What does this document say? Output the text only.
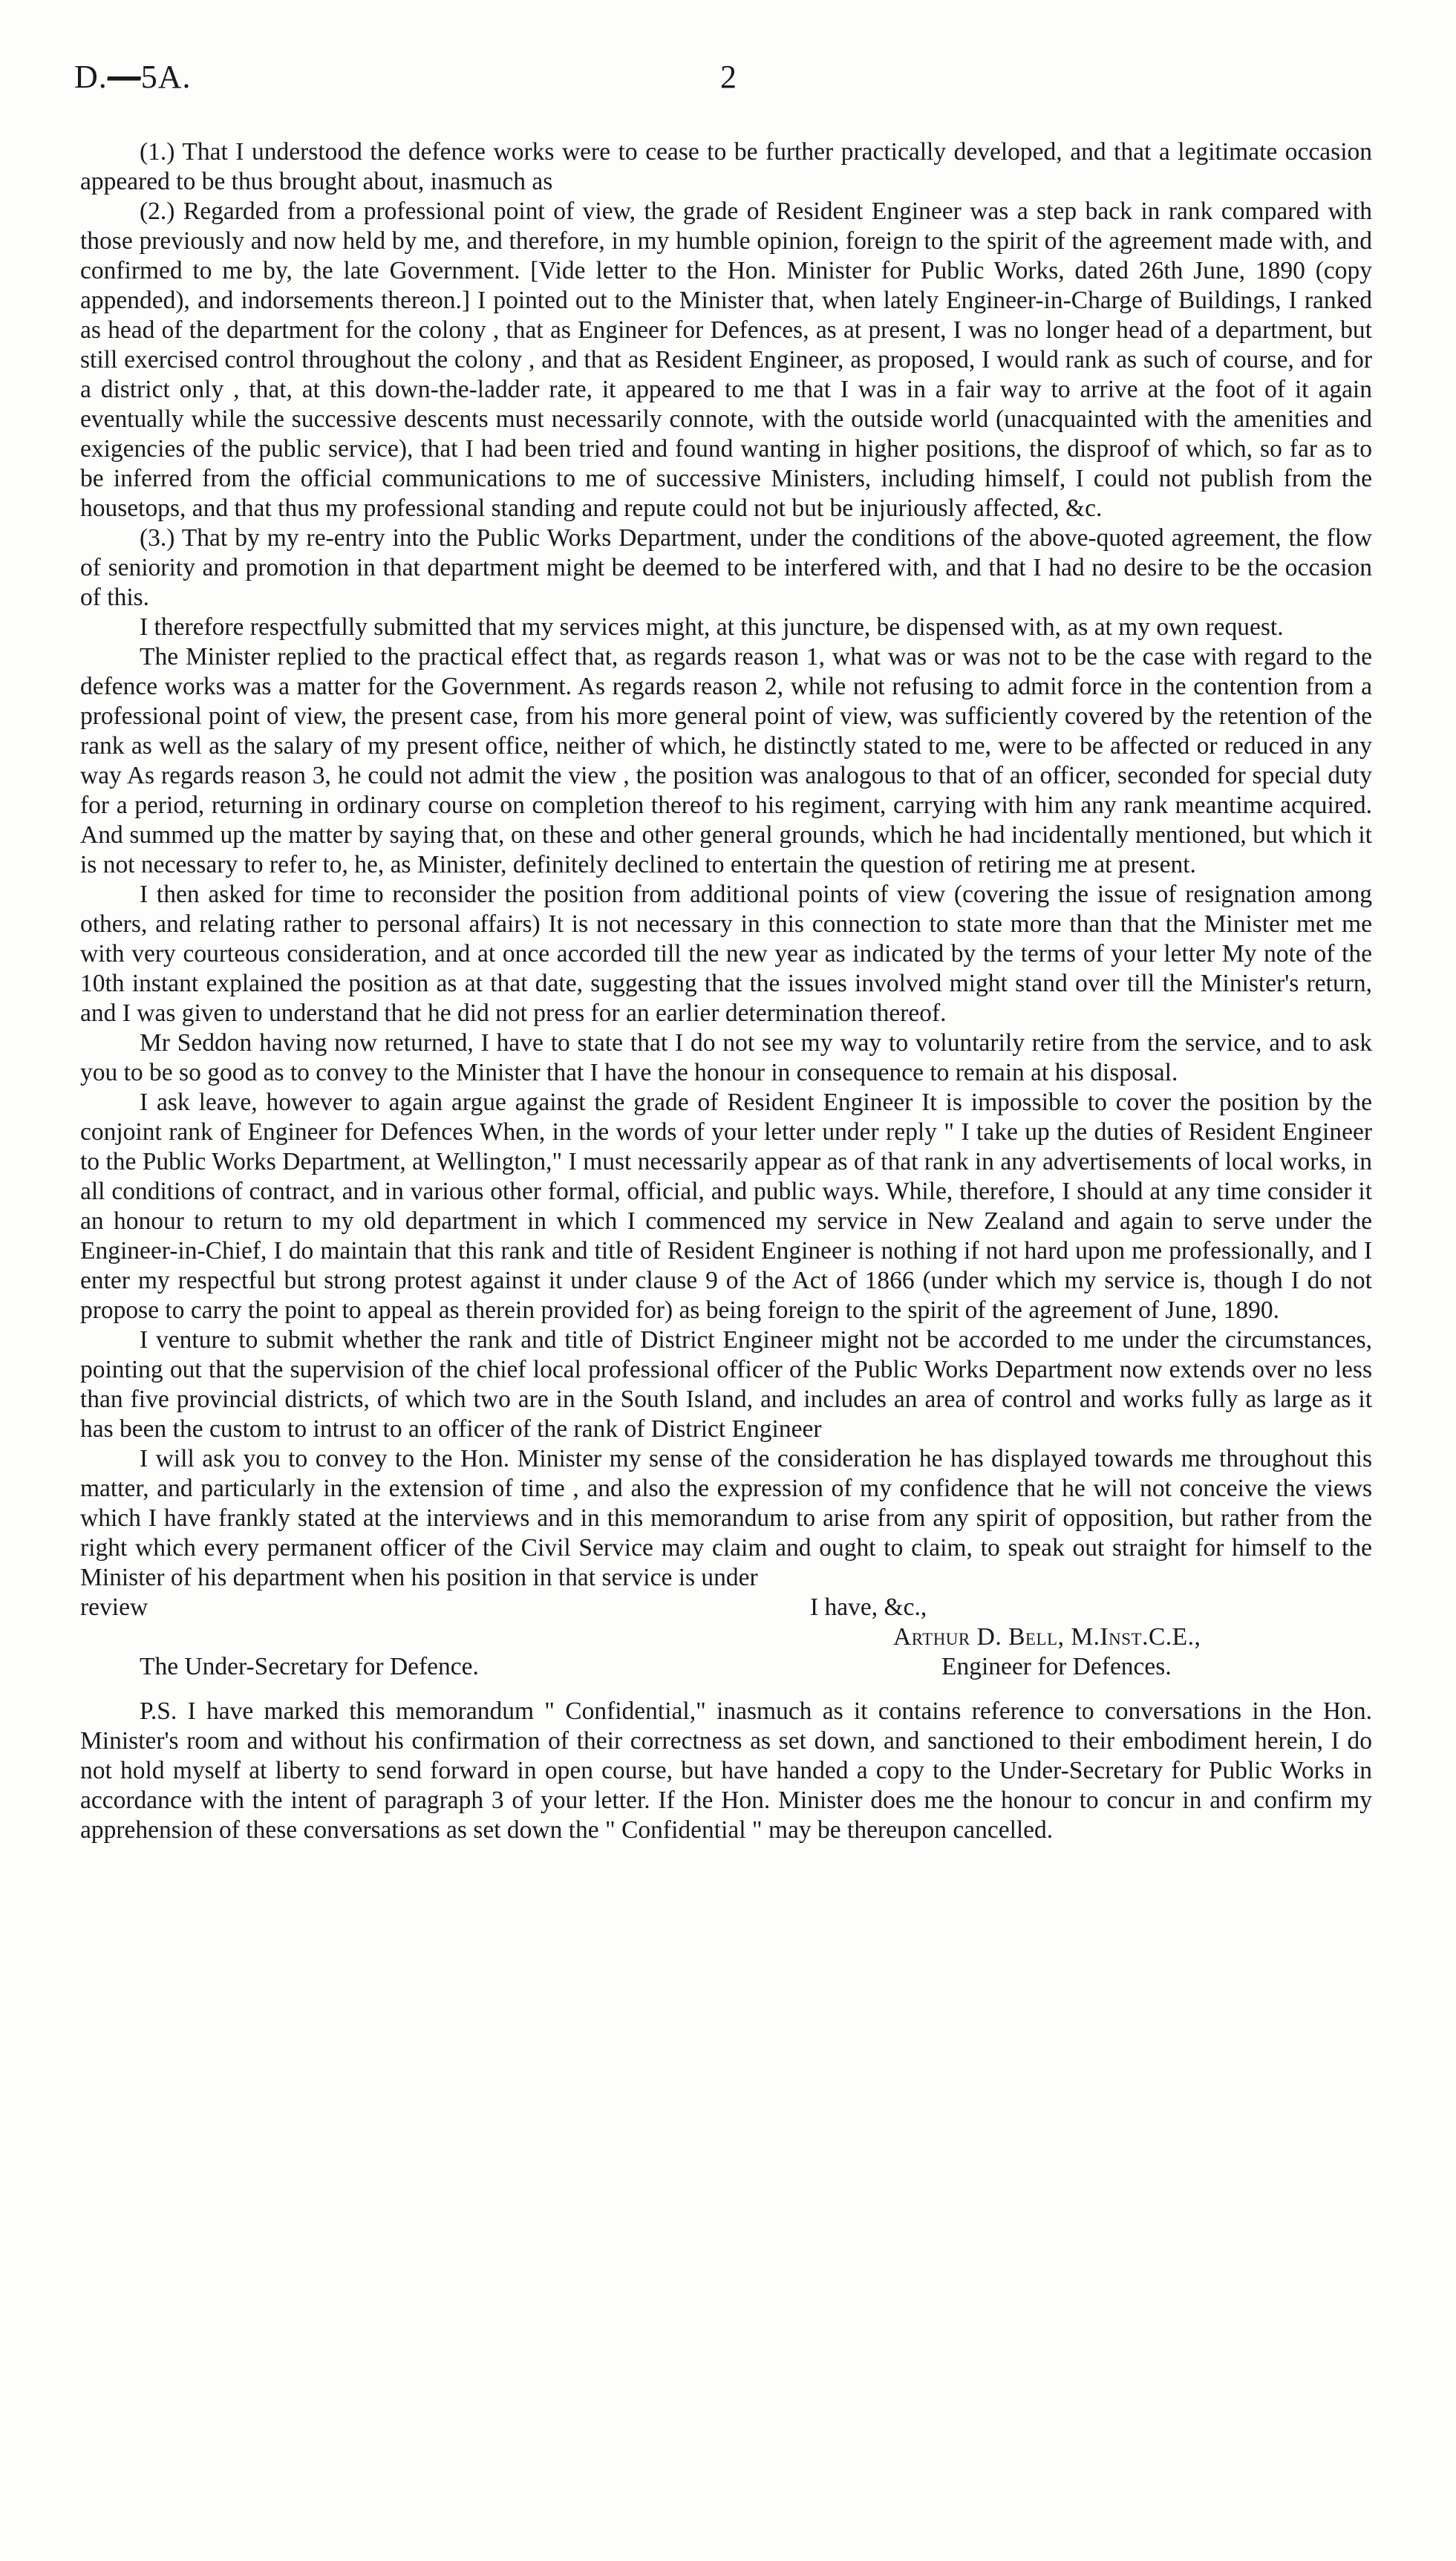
D.—5A.	2

(1.) That I understood the defence works were to cease to be further practically developed, and that a legitimate occasion appeared to be thus brought about, inasmuch as

(2.) Regarded from a professional point of view, the grade of Resident Engineer was a step back in rank compared with those previously and now held by me, and therefore, in my humble opinion, foreign to the spirit of the agreement made with, and confirmed to me by, the late Government. [Vide letter to the Hon. Minister for Public Works, dated 26th June, 1890 (copy appended), and indorsements thereon.] I pointed out to the Minister that, when lately Engineer-in-Charge of Buildings, I ranked as head of the department for the colony , that as Engineer for Defences, as at present, I was no longer head of a department, but still exercised control throughout the colony , and that as Resident Engineer, as proposed, I would rank as such of course, and for a district only , that, at this down-the-ladder rate, it appeared to me that I was in a fair way to arrive at the foot of it again eventually while the successive descents must necessarily connote, with the outside world (unacquainted with the amenities and exigencies of the public service), that I had been tried and found wanting in higher positions, the disproof of which, so far as to be inferred from the official communications to me of successive Ministers, including himself, I could not publish from the housetops, and that thus my professional standing and repute could not but be injuriously affected, &c.

(3.) That by my re-entry into the Public Works Department, under the conditions of the above-quoted agreement, the flow of seniority and promotion in that department might be deemed to be interfered with, and that I had no desire to be the occasion of this.

I therefore respectfully submitted that my services might, at this juncture, be dispensed with, as at my own request.

The Minister replied to the practical effect that, as regards reason 1, what was or was not to be the case with regard to the defence works was a matter for the Government. As regards reason 2, while not refusing to admit force in the contention from a professional point of view, the present case, from his more general point of view, was sufficiently covered by the retention of the rank as well as the salary of my present office, neither of which, he distinctly stated to me, were to be affected or reduced in any way As regards reason 3, he could not admit the view , the position was analogous to that of an officer, seconded for special duty for a period, returning in ordinary course on completion thereof to his regiment, carrying with him any rank meantime acquired. And summed up the matter by saying that, on these and other general grounds, which he had incidentally mentioned, but which it is not necessary to refer to, he, as Minister, definitely declined to entertain the question of retiring me at present.

I then asked for time to reconsider the position from additional points of view (covering the issue of resignation among others, and relating rather to personal affairs) It is not necessary in this connection to state more than that the Minister met me with very courteous consideration, and at once accorded till the new year as indicated by the terms of your letter My note of the 10th instant explained the position as at that date, suggesting that the issues involved might stand over till the Minister's return, and I was given to understand that he did not press for an earlier determination thereof.

Mr Seddon having now returned, I have to state that I do not see my way to voluntarily retire from the service, and to ask you to be so good as to convey to the Minister that I have the honour in consequence to remain at his disposal.

I ask leave, however to again argue against the grade of Resident Engineer It is impossible to cover the position by the conjoint rank of Engineer for Defences When, in the words of your letter under reply " I take up the duties of Resident Engineer to the Public Works Department, at Wellington," I must necessarily appear as of that rank in any advertisements of local works, in all conditions of contract, and in various other formal, official, and public ways. While, therefore, I should at any time consider it an honour to return to my old department in which I commenced my service in New Zealand and again to serve under the Engineer-in-Chief, I do maintain that this rank and title of Resident Engineer is nothing if not hard upon me professionally, and I enter my respectful but strong protest against it under clause 9 of the Act of 1866 (under which my service is, though I do not propose to carry the point to appeal as therein provided for) as being foreign to the spirit of the agreement of June, 1890.

I venture to submit whether the rank and title of District Engineer might not be accorded to me under the circumstances, pointing out that the supervision of the chief local professional officer of the Public Works Department now extends over no less than five provincial districts, of which two are in the South Island, and includes an area of control and works fully as large as it has been the custom to intrust to an officer of the rank of District Engineer

I will ask you to convey to the Hon. Minister my sense of the consideration he has displayed towards me throughout this matter, and particularly in the extension of time , and also the expression of my confidence that he will not conceive the views which I have frankly stated at the interviews and in this memorandum to arise from any spirit of opposition, but rather from the right which every permanent officer of the Civil Service may claim and ought to claim, to speak out straight for himself to the Minister of his department when his position in that service is under

review	I have, &c.,
Arthur D. Bell, M.Inst.C.E.,
The Under-Secretary for Defence.	Engineer for Defences.

P.S. I have marked this memorandum " Confidential," inasmuch as it contains reference to conversations in the Hon. Minister's room and without his confirmation of their correctness as set down, and sanctioned to their embodiment herein, I do not hold myself at liberty to send forward in open course, but have handed a copy to the Under-Secretary for Public Works in accordance with the intent of paragraph 3 of your letter. If the Hon. Minister does me the honour to concur in and confirm my apprehension of these conversations as set down the " Confidential " may be thereupon cancelled.
